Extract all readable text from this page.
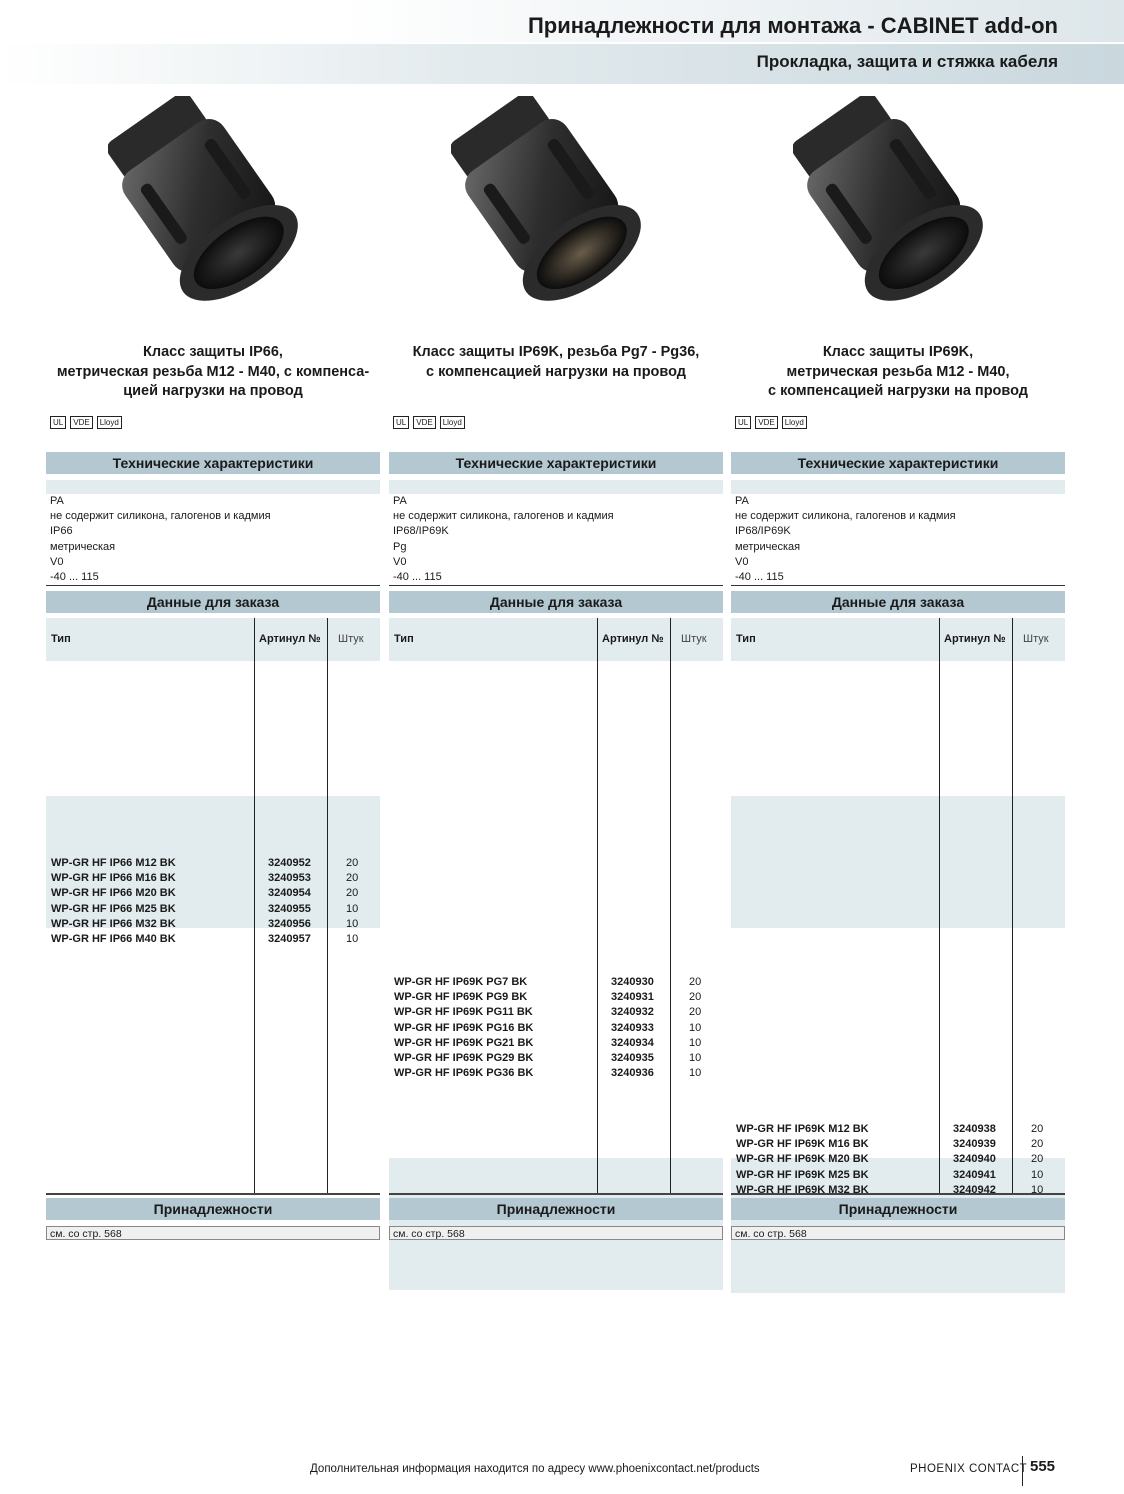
Принадлежности для монтажа - CABINET add-on
Прокладка, защита и стяжка кабеля
Класс защиты IP66,
метрическая резьба М12 - М40, с компенса-
цией нагрузки на провод
UL	VDE	Lloyd
Технические характеристики
PA
не содержит силикона, галогенов и кадмия
IP66
метрическая
V0
-40 ... 115
Данные для заказа
Тип	Артинул № Штук
WP-GR HF IP66 M12 BK	3240952	20
WP-GR HF IP66 M16 BK	3240953	20
WP-GR HF IP66 M20 BK	3240954	20
WP-GR HF IP66 M25 BK	3240955	10
WP-GR HF IP66 M32 BK	3240956	10
WP-GR HF IP66 M40 BK	3240957	10
Принадлежности
см. со стр. 568
Класс защиты IP69K, резьба Pg7 - Pg36,
с компенсацией нагрузки на провод
UL	VDE	Lloyd
Технические характеристики
PA
не содержит силикона, галогенов и кадмия
IP68/IP69K
Pg
V0
-40 ... 115
Данные для заказа
Тип	Артинул № Штук
WP-GR HF IP69K PG7 BK	3240930	20
WP-GR HF IP69K PG9 BK	3240931	20
WP-GR HF IP69K PG11 BK	3240932	20
WP-GR HF IP69K PG16 BK	3240933	10
WP-GR HF IP69K PG21 BK	3240934	10
WP-GR HF IP69K PG29 BK	3240935	10
WP-GR HF IP69K PG36 BK	3240936	10
Принадлежности
см. со стр. 568
Класс защиты IP69K,
метрическая резьба М12 - М40,
с компенсацией нагрузки на провод
UL	VDE	Lloyd
Технические характеристики
PA
не содержит силикона, галогенов и кадмия
IP68/IP69K
метрическая
V0
-40 ... 115
Данные для заказа
Тип	Артинул № Штук
WP-GR HF IP69K M12 BK	3240938	20
WP-GR HF IP69K M16 BK	3240939	20
WP-GR HF IP69K M20 BK	3240940	20
WP-GR HF IP69K M25 BK	3240941	10
WP-GR HF IP69K M32 BK	3240942	10
Принадлежности
см. со стр. 568
Дополнительная информация находится по адресу www.phoenixcontact.net/products	PHOENIX CONTACT 555
